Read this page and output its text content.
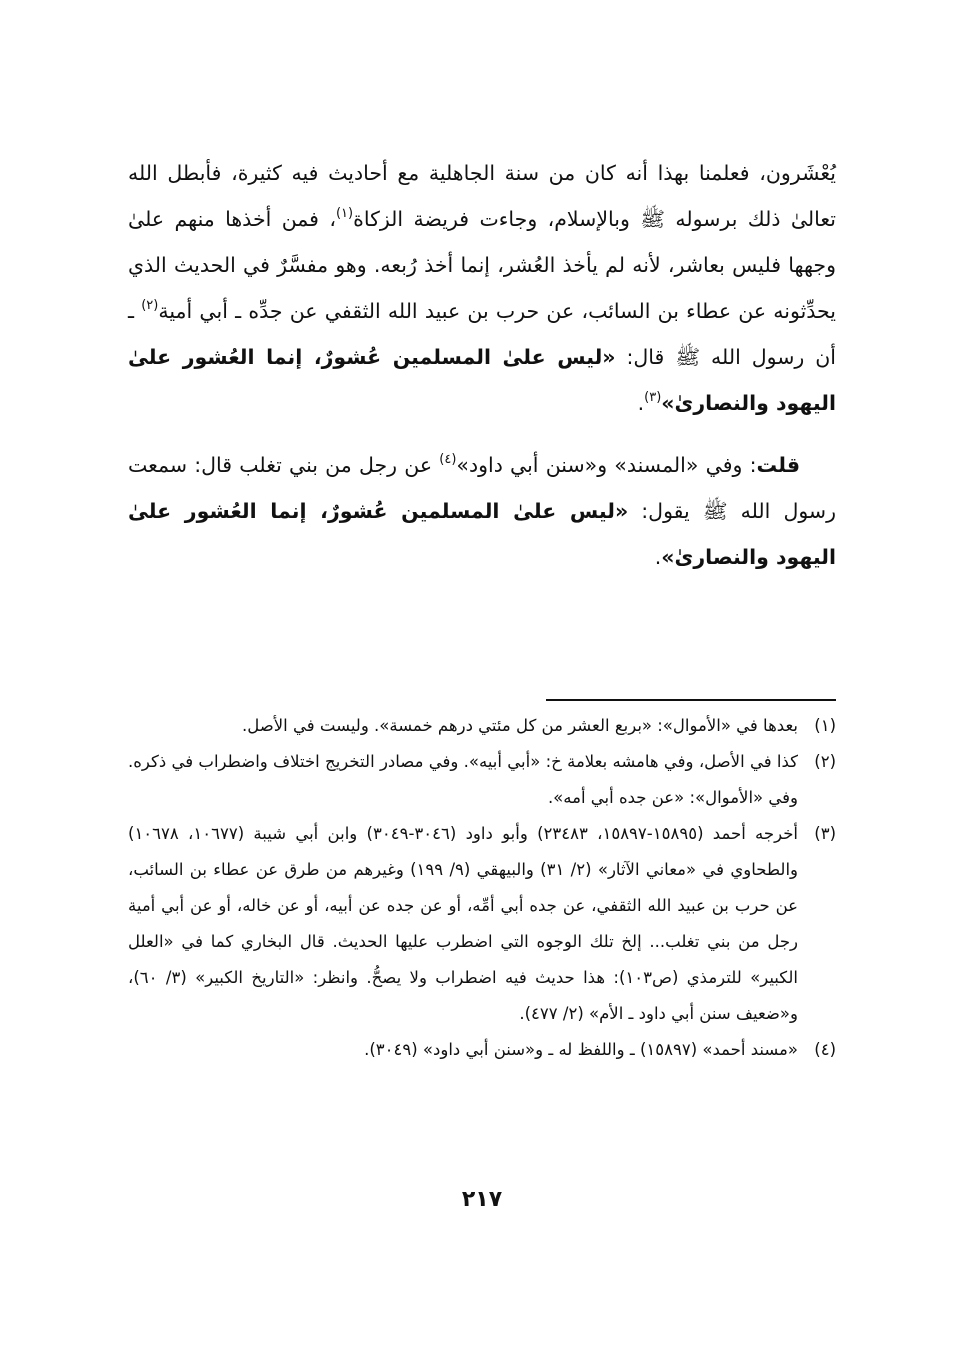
يُعْشَرون، فعلمنا بهذا أنه كان من سنة الجاهلية مع أحاديث فيه كثيرة، فأبطل الله تعالىٰ ذلك برسوله ﷺ وبالإسلام، وجاءت فريضة الزكاة$^{(١)}$، فمن أخذها منهم علىٰ وجهها فليس بعاشر، لأنه لم يأخذ العُشر، إنما أخذ رُبعه. وهو مفسَّرٌ في الحديث الذي يحدِّثونه عن عطاء بن السائب، عن حرب بن عبيد الله الثقفي عن جدِّه ـ أبي أمية$^{(٢)}$ ـ أن رسول الله ﷺ قال: «ليس علىٰ المسلمين عُشورٌ، إنما العُشور علىٰ اليهود والنصارىٰ»$^{(٣)}$.

قلت: وفي «المسند» و«سنن أبي داود»$^{(٤)}$ عن رجل من بني تغلب قال: سمعت رسول الله ﷺ يقول: «ليس علىٰ المسلمين عُشورٌ، إنما العُشور علىٰ اليهود والنصارىٰ».

(١)
بعدها في «الأموال»: «بربع العشر من كل مئتي درهم خمسة». وليست في الأصل.
(٢)
كذا في الأصل، وفي هامشه بعلامة خ: «أبي أبيه». وفي مصادر التخريج اختلاف واضطراب في ذكره. وفي «الأموال»: «عن جده أبي أمه».
(٣)
أخرجه أحمد (١٥٨٩٥-١٥٨٩٧، ٢٣٤٨٣) وأبو داود (٣٠٤٦-٣٠٤٩) وابن أبي شيبة (١٠٦٧٧، ١٠٦٧٨) والطحاوي في «معاني الآثار» (٢/ ٣١) والبيهقي (٩/ ١٩٩) وغيرهم من طرق عن عطاء بن السائب، عن حرب بن عبيد الله الثقفي، عن جده أبي أمِّه، أو عن جده عن أبيه، أو عن خاله، أو عن أبي أمية رجل من بني تغلب... إلخ تلك الوجوه التي اضطرب عليها الحديث. قال البخاري كما في «العلل الكبير» للترمذي (ص١٠٣): هذا حديث فيه اضطراب ولا يصحُّ. وانظر: «التاريخ الكبير» (٣/ ٦٠)، و«ضعيف سنن أبي داود ـ الأم» (٢/ ٤٧٧).
(٤)
«مسند أحمد» (١٥٨٩٧) ـ واللفظ له ـ و«سنن أبي داود» (٣٠٤٩).
٢١٧
